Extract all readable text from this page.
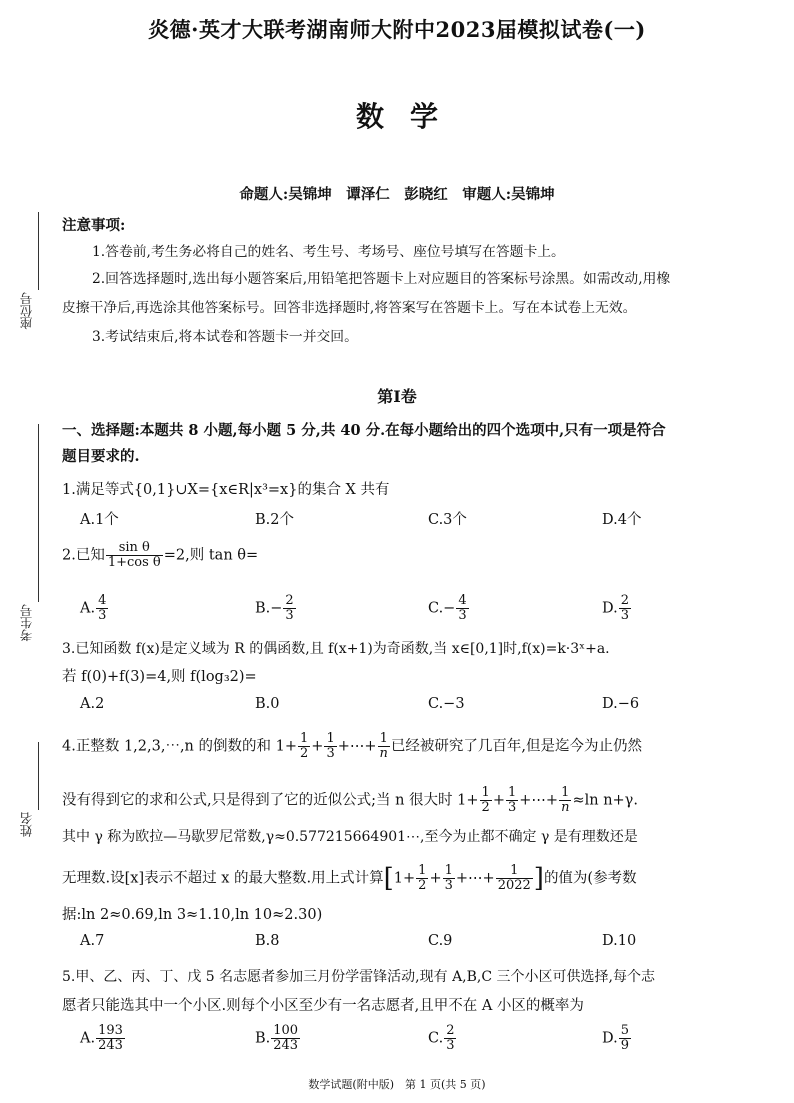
炎德·英才大联考湖南师大附中2023届模拟试卷(一)
数学
命题人:吴锦坤　谭泽仁　彭晓红　审题人:吴锦坤
座位号
考生号
姓名
注意事项:
1.答卷前,考生务必将自己的姓名、考生号、考场号、座位号填写在答题卡上。
2.回答选择题时,选出每小题答案后,用铅笔把答题卡上对应题目的答案标号涂黑。如需改动,用橡
皮擦干净后,再选涂其他答案标号。回答非选择题时,将答案写在答题卡上。写在本试卷上无效。
3.考试结束后,将本试卷和答题卡一并交回。
第Ⅰ卷
一、选择题:本题共 8 小题,每小题 5 分,共 40 分.在每小题给出的四个选项中,只有一项是符合
题目要求的.
1.满足等式{0,1}∪X={x∈R|x³=x}的集合 X 共有
A.1个	B.2个	C.3个	D.4个
2.已知 $\frac{\text{sin θ}}{\text{1+cos θ}} =2$,则 tan θ=
A. $\frac{4}{3}$	$B.- \frac{2}{3}$	$C.- \frac{4}{3}$	D. $\frac{2}{3}$
3.已知函数 f(x)是定义域为 R 的偶函数,且 f(x+1)为奇函数,当 x∈[0,1]时,f(x)=k·3ˣ+a.
若 f(0)+f(3)=4,则 f(log₃2)=
A.2	B.0	C.−3	D.−6
4.正整数 1,2,3,⋯,n 的倒数的和 $1+ \frac{1}{2} + \frac{1}{3}$ +⋯+ $\frac{1}{n}$ 已经被研究了几百年,但是迄今为止仍然
没有得到它的求和公式,只是得到了它的近似公式;当 n 很大时 $1+ \frac{1}{2} + \frac{1}{3}$ +⋯+ $\frac{1}{n} \approx\ln$ n+γ.
其中 γ 称为欧拉—马歇罗尼常数,γ≈0.577215664901⋯,至今为止都不确定 γ 是有理数还是
无理数.设[x]表示不超过 x 的最大整数.用上式计算[$1+ \frac{1}{2} + \frac{1}{3}$ +⋯+ $\frac{1}{2022}$ ]的值为(参考数
据:ln 2≈0.69,ln 3≈1.10,ln 10≈2.30)
A.7	B.8	C.9	D.10
5.甲、乙、丙、丁、戊 5 名志愿者参加三月份学雷锋活动,现有 A,B,C 三个小区可供选择,每个志
愿者只能选其中一个小区.则每个小区至少有一名志愿者,且甲不在 A 小区的概率为
A. $\frac{193}{243}$	B. $\frac{100}{243}$	C. $\frac{2}{3}$	D. $\frac{5}{9}$
数学试题(附中版)　第 1 页(共 5 页)
